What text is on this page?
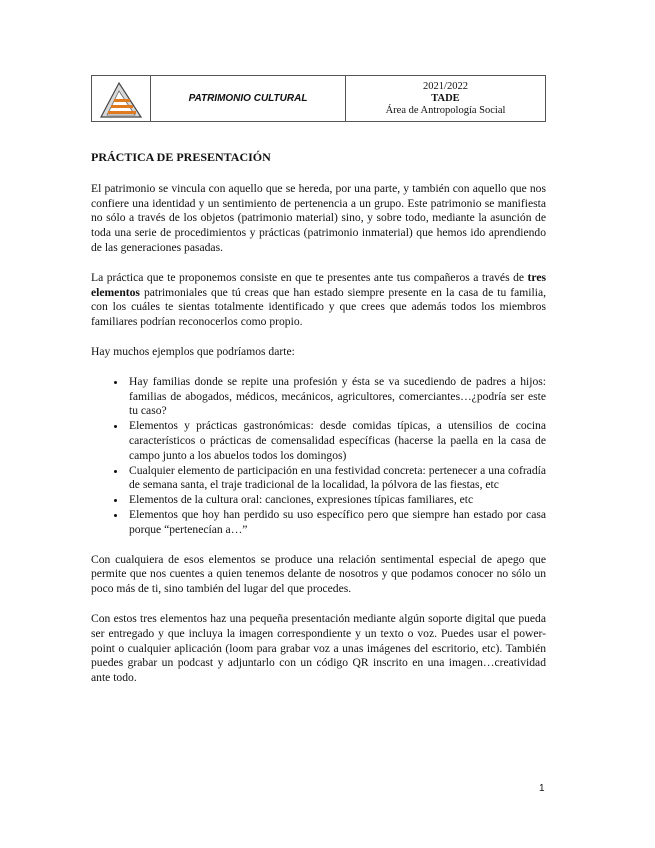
PATRIMONIO CULTURAL
2021/2022
TADE
Área de Antropología Social
PRÁCTICA DE PRESENTACIÓN

El patrimonio se vincula con aquello que se hereda, por una parte, y también con aquello que nos confiere una identidad y un sentimiento de pertenencia a un grupo. Este patrimonio se manifiesta no sólo a través de los objetos (patrimonio material) sino, y sobre todo, mediante la asunción de toda una serie de procedimientos y prácticas (patrimonio inmaterial) que hemos ido aprendiendo de las generaciones pasadas.

La práctica que te proponemos consiste en que te presentes ante tus compañeros a través de tres elementos patrimoniales que tú creas que han estado siempre presente en la casa de tu familia, con los cuáles te sientas totalmente identificado y que crees que además todos los miembros familiares podrían reconocerlos como propio.

Hay muchos ejemplos que podríamos darte:

• Hay familias donde se repite una profesión y ésta se va sucediendo de padres a hijos: familias de abogados, médicos, mecánicos, agricultores, comerciantes…¿podría ser este tu caso?
• Elementos y prácticas gastronómicas: desde comidas típicas, a utensilios de cocina característicos o prácticas de comensalidad específicas (hacerse la paella en la casa de campo junto a los abuelos todos los domingos)
• Cualquier elemento de participación en una festividad concreta: pertenecer a una cofradía de semana santa, el traje tradicional de la localidad, la pólvora de las fiestas, etc
• Elementos de la cultura oral: canciones, expresiones típicas familiares, etc
• Elementos que hoy han perdido su uso específico pero que siempre han estado por casa porque “pertenecían a…”

Con cualquiera de esos elementos se produce una relación sentimental especial de apego que permite que nos cuentes a quien tenemos delante de nosotros y que podamos conocer no sólo un poco más de ti, sino también del lugar del que procedes.

Con estos tres elementos haz una pequeña presentación mediante algún soporte digital que pueda ser entregado y que incluya la imagen correspondiente y un texto o voz. Puedes usar el power-point o cualquier aplicación (loom para grabar voz a unas imágenes del escritorio, etc). También puedes grabar un podcast y adjuntarlo con un código QR inscrito en una imagen…creatividad ante todo.

1
